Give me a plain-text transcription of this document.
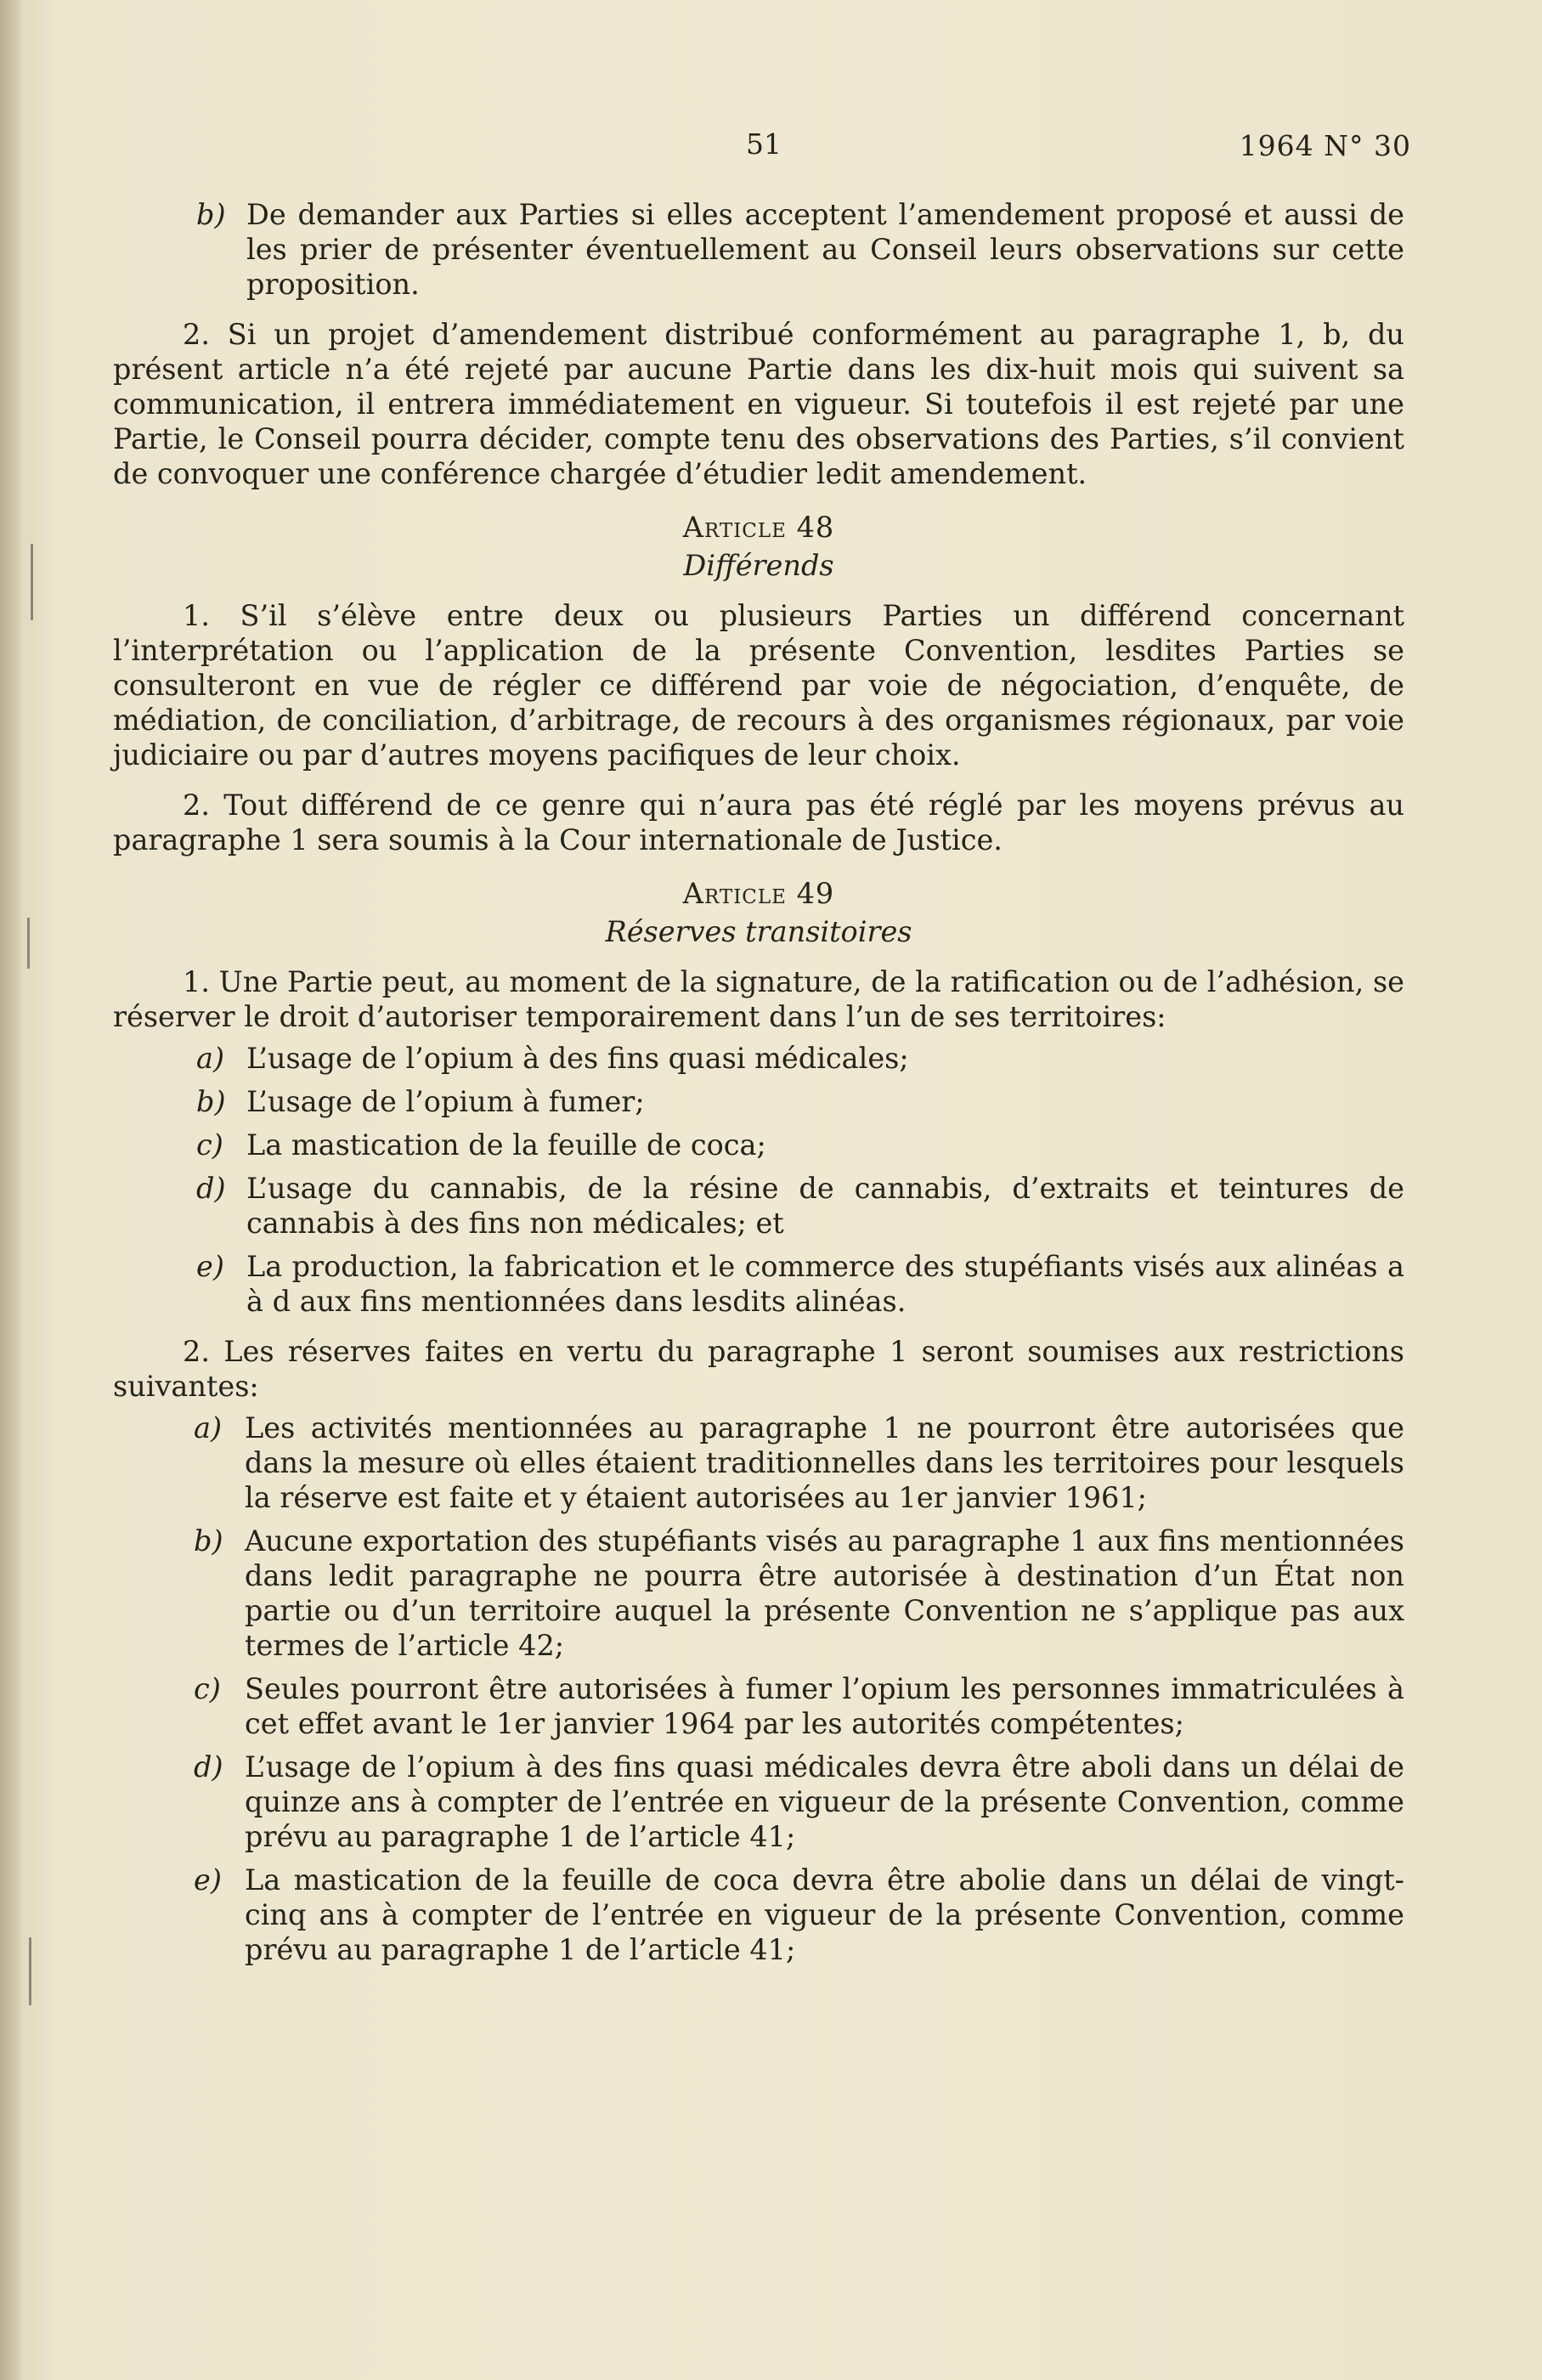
51	1964 N° 30
b) De demander aux Parties si elles acceptent l’amendement proposé et aussi de les prier de présenter éventuellement au Conseil leurs observations sur cette proposition.

2. Si un projet d’amendement distribué conformément au paragraphe 1, b, du présent article n’a été rejeté par aucune Partie dans les dix-huit mois qui suivent sa communication, il entrera immédiatement en vigueur. Si toutefois il est rejeté par une Partie, le Conseil pourra décider, compte tenu des observations des Parties, s’il convient de convoquer une conférence chargée d’étudier ledit amendement.

Article 48

Différends

1. S’il s’élève entre deux ou plusieurs Parties un différend concernant l’interprétation ou l’application de la présente Convention, lesdites Parties se consulteront en vue de régler ce différend par voie de négociation, d’enquête, de médiation, de conciliation, d’arbitrage, de recours à des organismes régionaux, par voie judiciaire ou par d’autres moyens pacifiques de leur choix.

2. Tout différend de ce genre qui n’aura pas été réglé par les moyens prévus au paragraphe 1 sera soumis à la Cour internationale de Justice.

Article 49

Réserves transitoires

1. Une Partie peut, au moment de la signature, de la ratification ou de l’adhésion, se réserver le droit d’autoriser temporairement dans l’un de ses territoires:

a) L’usage de l’opium à des fins quasi médicales;
b) L’usage de l’opium à fumer;
c) La mastication de la feuille de coca;
d) L’usage du cannabis, de la résine de cannabis, d’extraits et teintures de cannabis à des fins non médicales; et
e) La production, la fabrication et le commerce des stupéfiants visés aux alinéas a à d aux fins mentionnées dans lesdits alinéas.

2. Les réserves faites en vertu du paragraphe 1 seront soumises aux restrictions suivantes:

a) Les activités mentionnées au paragraphe 1 ne pourront être autorisées que dans la mesure où elles étaient traditionnelles dans les territoires pour lesquels la réserve est faite et y étaient autorisées au 1er janvier 1961;
b) Aucune exportation des stupéfiants visés au paragraphe 1 aux fins mentionnées dans ledit paragraphe ne pourra être autorisée à destination d’un État non partie ou d’un territoire auquel la présente Convention ne s’applique pas aux termes de l’article 42;
c) Seules pourront être autorisées à fumer l’opium les personnes immatriculées à cet effet avant le 1er janvier 1964 par les autorités compétentes;
d) L’usage de l’opium à des fins quasi médicales devra être aboli dans un délai de quinze ans à compter de l’entrée en vigueur de la présente Convention, comme prévu au paragraphe 1 de l’article 41;
e) La mastication de la feuille de coca devra être abolie dans un délai de vingt-cinq ans à compter de l’entrée en vigueur de la présente Convention, comme prévu au paragraphe 1 de l’article 41;
